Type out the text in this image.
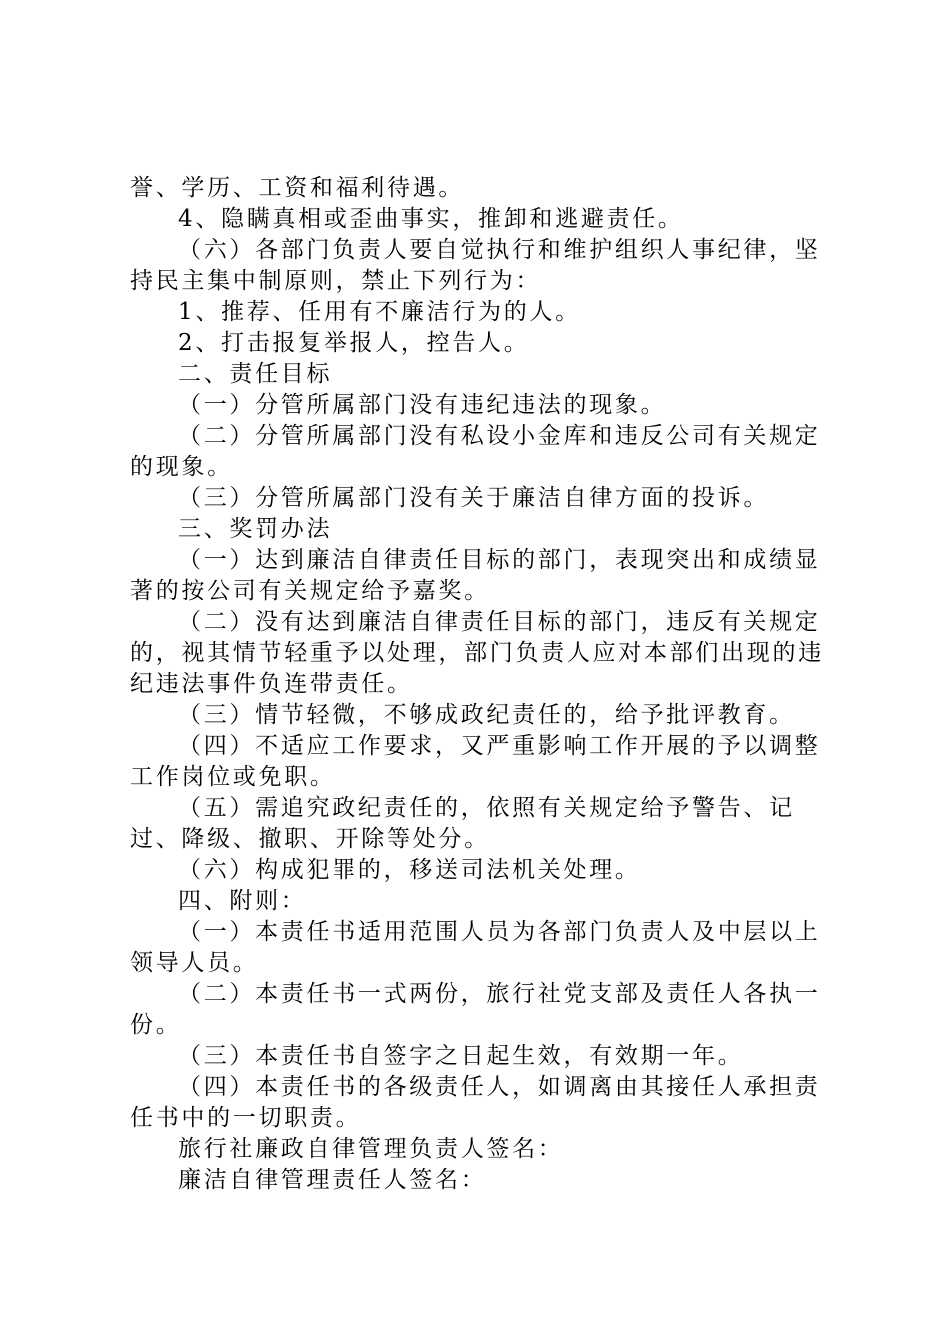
誉、学历、工资和福利待遇。

4、隐瞒真相或歪曲事实，推卸和逃避责任。

（六）各部门负责人要自觉执行和维护组织人事纪律，坚持民主集中制原则，禁止下列行为：

1、推荐、任用有不廉洁行为的人。

2、打击报复举报人，控告人。

二、责任目标

（一）分管所属部门没有违纪违法的现象。

（二）分管所属部门没有私设小金库和违反公司有关规定的现象。

（三）分管所属部门没有关于廉洁自律方面的投诉。

三、奖罚办法

（一）达到廉洁自律责任目标的部门，表现突出和成绩显著的按公司有关规定给予嘉奖。

（二）没有达到廉洁自律责任目标的部门，违反有关规定的，视其情节轻重予以处理，部门负责人应对本部们出现的违纪违法事件负连带责任。

（三）情节轻微，不够成政纪责任的，给予批评教育。

（四）不适应工作要求，又严重影响工作开展的予以调整工作岗位或免职。

（五）需追究政纪责任的，依照有关规定给予警告、记过、降级、撤职、开除等处分。

（六）构成犯罪的，移送司法机关处理。

四、附则：

（一）本责任书适用范围人员为各部门负责人及中层以上领导人员。

（二）本责任书一式两份，旅行社党支部及责任人各执一份。

（三）本责任书自签字之日起生效，有效期一年。

（四）本责任书的各级责任人，如调离由其接任人承担责任书中的一切职责。

旅行社廉政自律管理负责人签名：

廉洁自律管理责任人签名：
